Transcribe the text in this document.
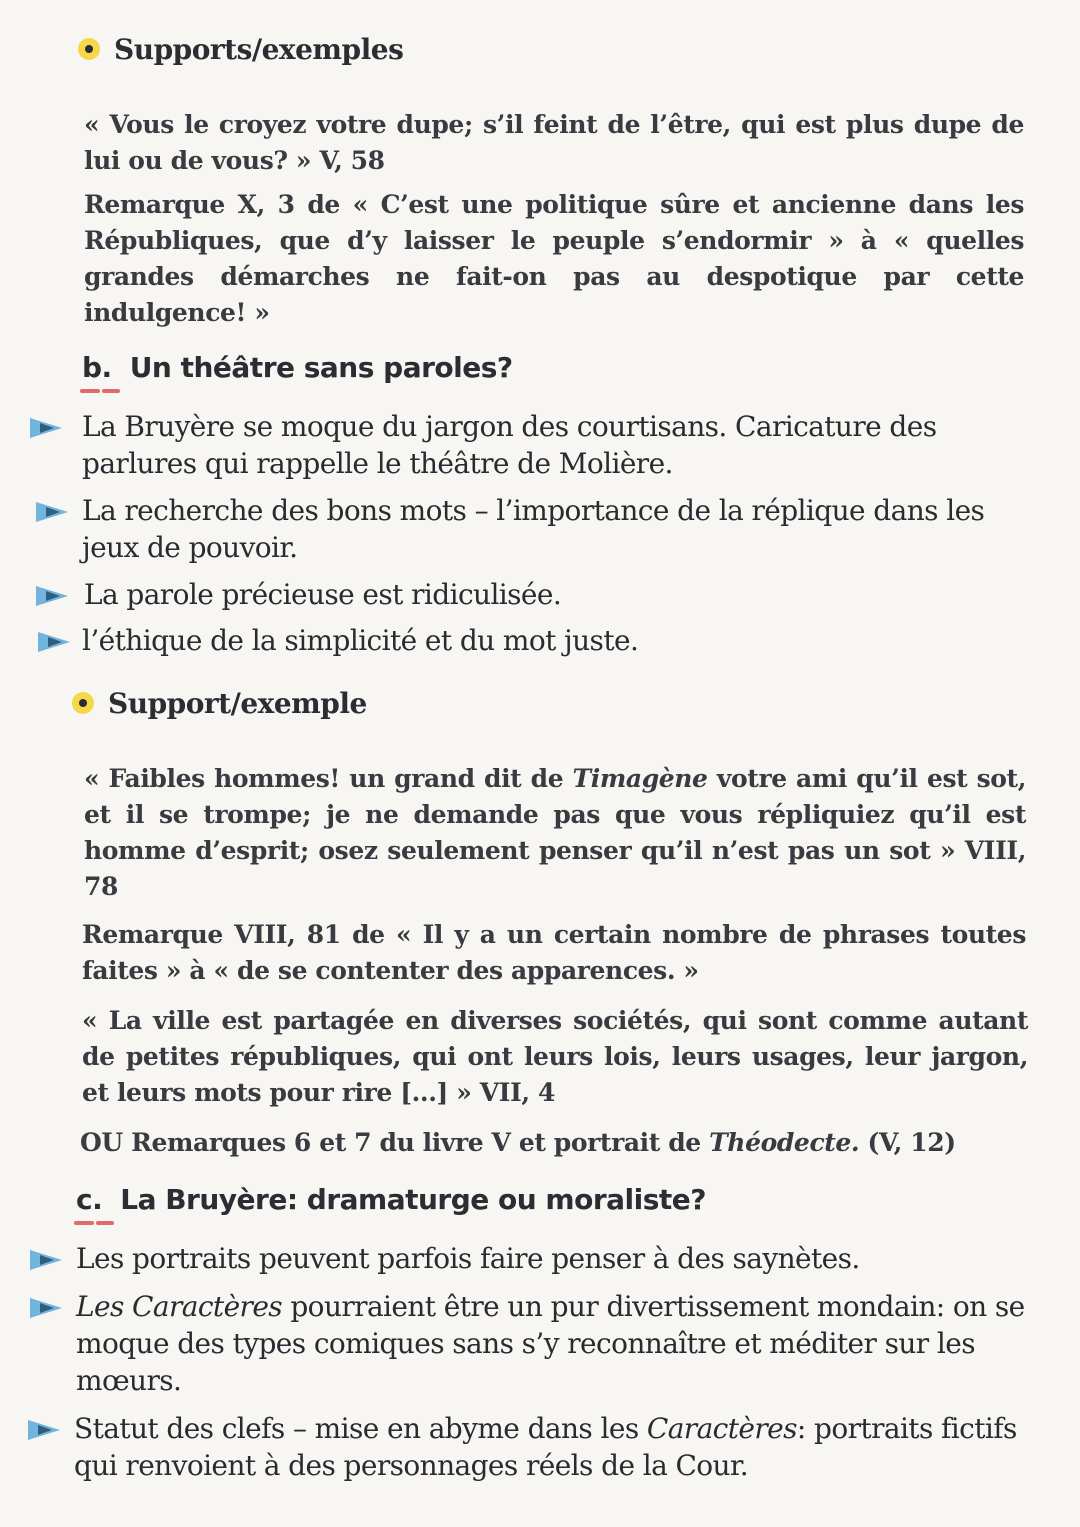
Supports/exemples

« Vous le croyez votre dupe; s’il feint de l’être, qui est plus dupe de lui ou de vous? » V, 58

Remarque X, 3 de « C’est une politique sûre et ancienne dans les Républiques, que d’y laisser le peuple s’endormir » à « quelles grandes démarches ne fait-on pas au despotique par cette indulgence! »

b. Un théâtre sans paroles?
La Bruyère se moque du jargon des courtisans. Caricature des parlures qui rappelle le théâtre de Molière.
La recherche des bons mots – l’importance de la réplique dans les jeux de pouvoir.
La parole précieuse est ridiculisée.
l’éthique de la simplicité et du mot juste.
Support/exemple

« Faibles hommes! un grand dit de Timagène votre ami qu’il est sot, et il se trompe; je ne demande pas que vous répliquiez qu’il est homme d’esprit; osez seulement penser qu’il n’est pas un sot » VIII, 78

Remarque VIII, 81 de « Il y a un certain nombre de phrases toutes faites » à « de se contenter des apparences. »

« La ville est partagée en diverses sociétés, qui sont comme autant de petites républiques, qui ont leurs lois, leurs usages, leur jargon, et leurs mots pour rire [...] » VII, 4

OU Remarques 6 et 7 du livre V et portrait de Théodecte. (V, 12)

c. La Bruyère: dramaturge ou moraliste?
Les portraits peuvent parfois faire penser à des saynètes.
Les Caractères pourraient être un pur divertissement mondain: on se moque des types comiques sans s’y reconnaître et méditer sur les mœurs.
Statut des clefs – mise en abyme dans les Caractères: portraits fictifs qui renvoient à des personnages réels de la Cour.
